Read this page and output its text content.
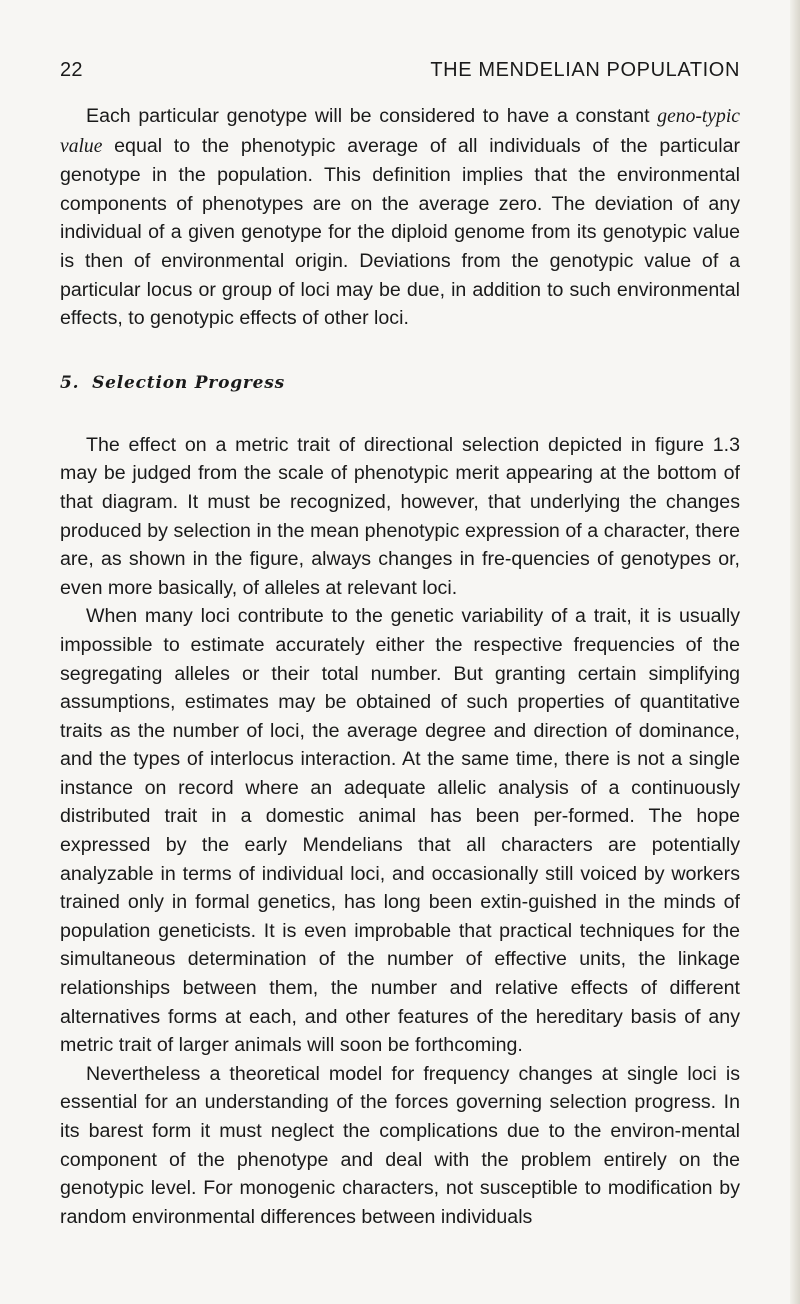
22	THE MENDELIAN POPULATION

Each particular genotype will be considered to have a constant geno-typic value equal to the phenotypic average of all individuals of the particular genotype in the population. This definition implies that the environmental components of phenotypes are on the average zero. The deviation of any individual of a given genotype for the diploid genome from its genotypic value is then of environmental origin. Deviations from the genotypic value of a particular locus or group of loci may be due, in addition to such environmental effects, to genotypic effects of other loci.

5. Selection Progress

The effect on a metric trait of directional selection depicted in figure 1.3 may be judged from the scale of phenotypic merit appearing at the bottom of that diagram. It must be recognized, however, that underlying the changes produced by selection in the mean phenotypic expression of a character, there are, as shown in the figure, always changes in fre-quencies of genotypes or, even more basically, of alleles at relevant loci.

When many loci contribute to the genetic variability of a trait, it is usually impossible to estimate accurately either the respective frequencies of the segregating alleles or their total number. But granting certain simplifying assumptions, estimates may be obtained of such properties of quantitative traits as the number of loci, the average degree and direction of dominance, and the types of interlocus interaction. At the same time, there is not a single instance on record where an adequate allelic analysis of a continuously distributed trait in a domestic animal has been per-formed. The hope expressed by the early Mendelians that all characters are potentially analyzable in terms of individual loci, and occasionally still voiced by workers trained only in formal genetics, has long been extin-guished in the minds of population geneticists. It is even improbable that practical techniques for the simultaneous determination of the number of effective units, the linkage relationships between them, the number and relative effects of different alternatives forms at each, and other features of the hereditary basis of any metric trait of larger animals will soon be forthcoming.

Nevertheless a theoretical model for frequency changes at single loci is essential for an understanding of the forces governing selection progress. In its barest form it must neglect the complications due to the environ-mental component of the phenotype and deal with the problem entirely on the genotypic level. For monogenic characters, not susceptible to modification by random environmental differences between individuals
